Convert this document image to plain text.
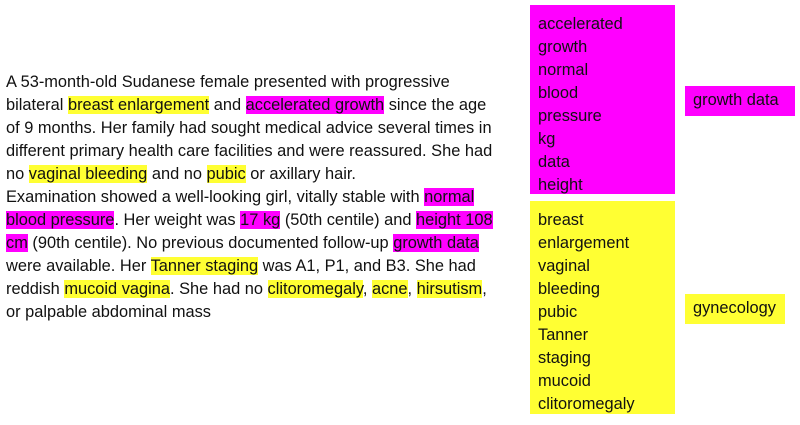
A 53-month-old Sudanese female presented with progressive bilateral breast enlargement and accelerated growth since the age of 9 months. Her family had sought medical advice several times in different primary health care facilities and were reassured. She had no vaginal bleeding and no pubic or axillary hair.

Examination showed a well-looking girl, vitally stable with normal blood pressure. Her weight was 17 kg (50th centile) and height 108 cm (90th centile). No previous documented follow-up growth data were available. Her Tanner staging was A1, P1, and B3. She had reddish mucoid vagina. She had no clitoromegaly, acne, hirsutism, or palpable abdominal mass

accelerated
growth
normal
blood
pressure
kg
data
height
breast
enlargement
vaginal
bleeding
pubic
Tanner
staging
mucoid
clitoromegaly
growth data
gynecology
